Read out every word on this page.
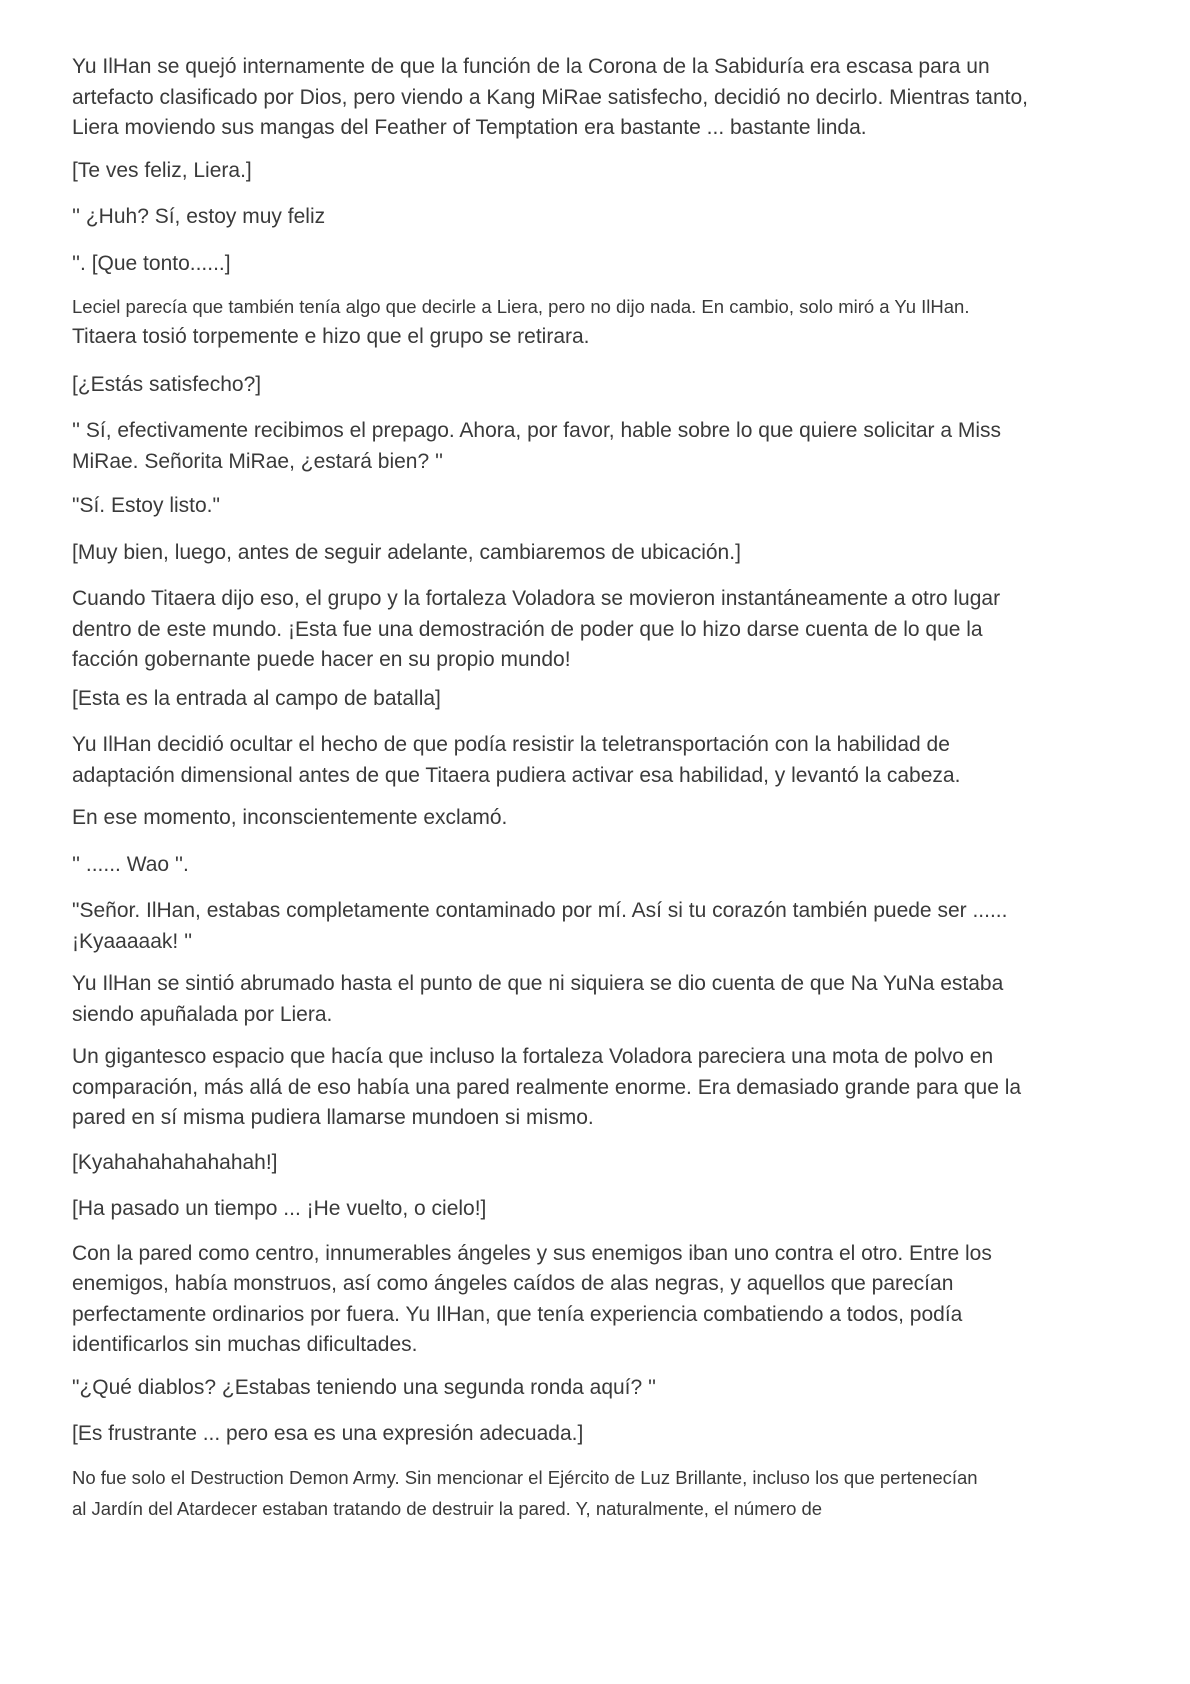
Yu IlHan se quejó internamente de que la función de la Corona de la Sabiduría era escasa para un
artefacto clasificado por Dios, pero viendo a Kang MiRae satisfecho, decidió no decirlo. Mientras tanto,
Liera moviendo sus mangas del Feather of Temptation era bastante ... bastante linda.

[Te ves feliz, Liera.]

'' ¿Huh? Sí, estoy muy feliz

''. [Que tonto......]

Leciel parecía que también tenía algo que decirle a Liera, pero no dijo nada. En cambio, solo miró a Yu IlHan.

Titaera tosió torpemente e hizo que el grupo se retirara.

[¿Estás satisfecho?]

'' Sí, efectivamente recibimos el prepago. Ahora, por favor, hable sobre lo que quiere solicitar a Miss
MiRae. Señorita MiRae, ¿estará bien? ''

"Sí. Estoy listo."

[Muy bien, luego, antes de seguir adelante, cambiaremos de ubicación.]

Cuando Titaera dijo eso, el grupo y la fortaleza Voladora se movieron instantáneamente a otro lugar
dentro de este mundo. ¡Esta fue una demostración de poder que lo hizo darse cuenta de lo que la
facción gobernante puede hacer en su propio mundo!

[Esta es la entrada al campo de batalla]

Yu IlHan decidió ocultar el hecho de que podía resistir la teletransportación con la habilidad de
adaptación dimensional antes de que Titaera pudiera activar esa habilidad, y levantó la cabeza.

En ese momento, inconscientemente exclamó.

'' ...... Wao ''.

"Señor. IlHan, estabas completamente contaminado por mí. Así si tu corazón también puede ser ......
¡Kyaaaaak! ''

Yu IlHan se sintió abrumado hasta el punto de que ni siquiera se dio cuenta de que Na YuNa estaba
siendo apuñalada por Liera.

Un gigantesco espacio que hacía que incluso la fortaleza Voladora pareciera una mota de polvo en
comparación, más allá de eso había una pared realmente enorme. Era demasiado grande para que la
pared en sí misma pudiera llamarse mundoen si mismo.

[Kyahahahahahahah!]

[Ha pasado un tiempo ... ¡He vuelto, o cielo!]

Con la pared como centro, innumerables ángeles y sus enemigos iban uno contra el otro. Entre los
enemigos, había monstruos, así como ángeles caídos de alas negras, y aquellos que parecían
perfectamente ordinarios por fuera. Yu IlHan, que tenía experiencia combatiendo a todos, podía
identificarlos sin muchas dificultades.

"¿Qué diablos? ¿Estabas teniendo una segunda ronda aquí? ''

[Es frustrante ... pero esa es una expresión adecuada.]

No fue solo el Destruction Demon Army. Sin mencionar el Ejército de Luz Brillante, incluso los que pertenecían
al Jardín del Atardecer estaban tratando de destruir la pared. Y, naturalmente, el número de
